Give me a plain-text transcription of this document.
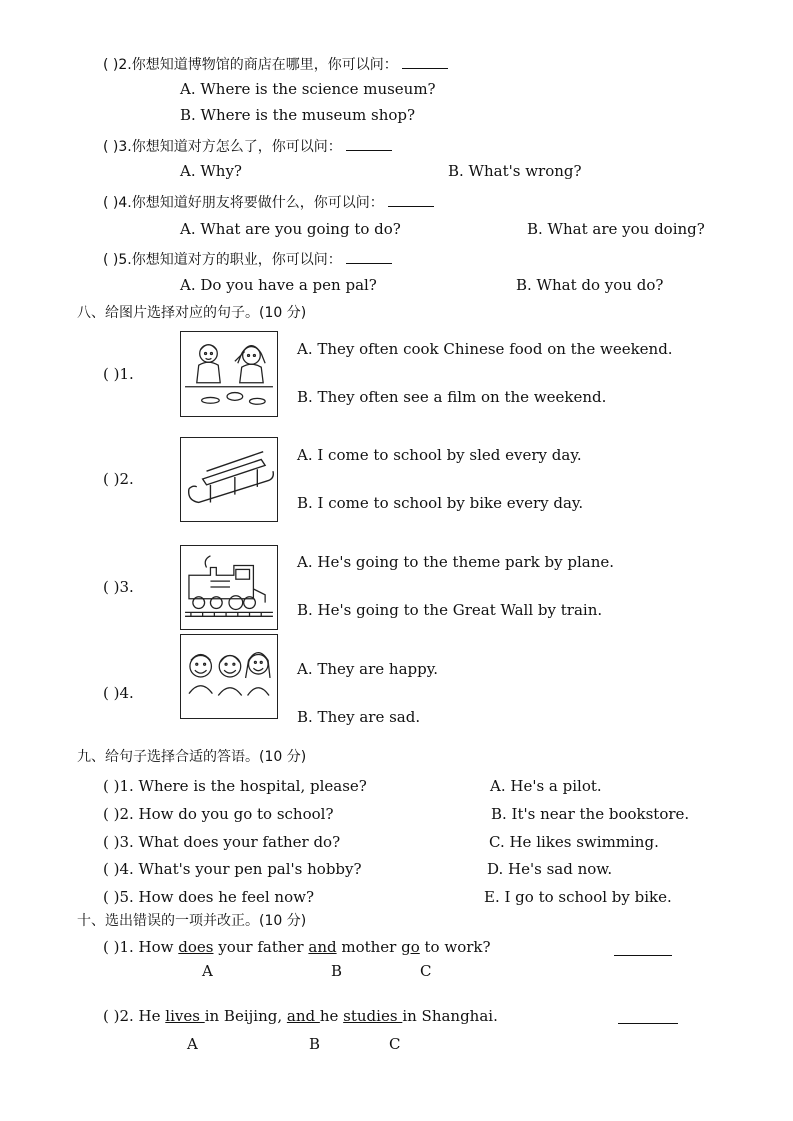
( )2.你想知道博物馆的商店在哪里，你可以问：
A. Where is the science museum?
B. Where is the museum shop?
( )3.你想知道对方怎么了，你可以问：
A. Why?	B. What's wrong?
( )4.你想知道好朋友将要做什么，你可以问：
A. What are you going to do?	B. What are you doing?
( )5.你想知道对方的职业，你可以问：
A. Do you have a pen pal?	B. What do you do?
八、给图片选择对应的句子。(10 分)
( )1.
A. They often cook Chinese food on the weekend.
B. They often see a film on the weekend.
( )2.
A. I come to school by sled every day.
B. I come to school by bike every day.
( )3.
A. He's going to the theme park by plane.
B. He's going to the Great Wall by train.
( )4.
A. They are happy.
B. They are sad.
九、给句子选择合适的答语。(10 分)
( )1. Where is the hospital, please?	A. He's a pilot.
( )2. How do you go to school?	B. It's near the bookstore.
( )3. What does your father do?	C. He likes swimming.
( )4. What's your pen pal's hobby?	D. He's sad now.
( )5. How does he feel now?	E. I go to school by bike.
十、选出错误的一项并改正。(10 分)
( )1. How does your father and mother go to work?
A	B	C
( )2. He lives in Beijing, and he studies in Shanghai.
A	B	C
